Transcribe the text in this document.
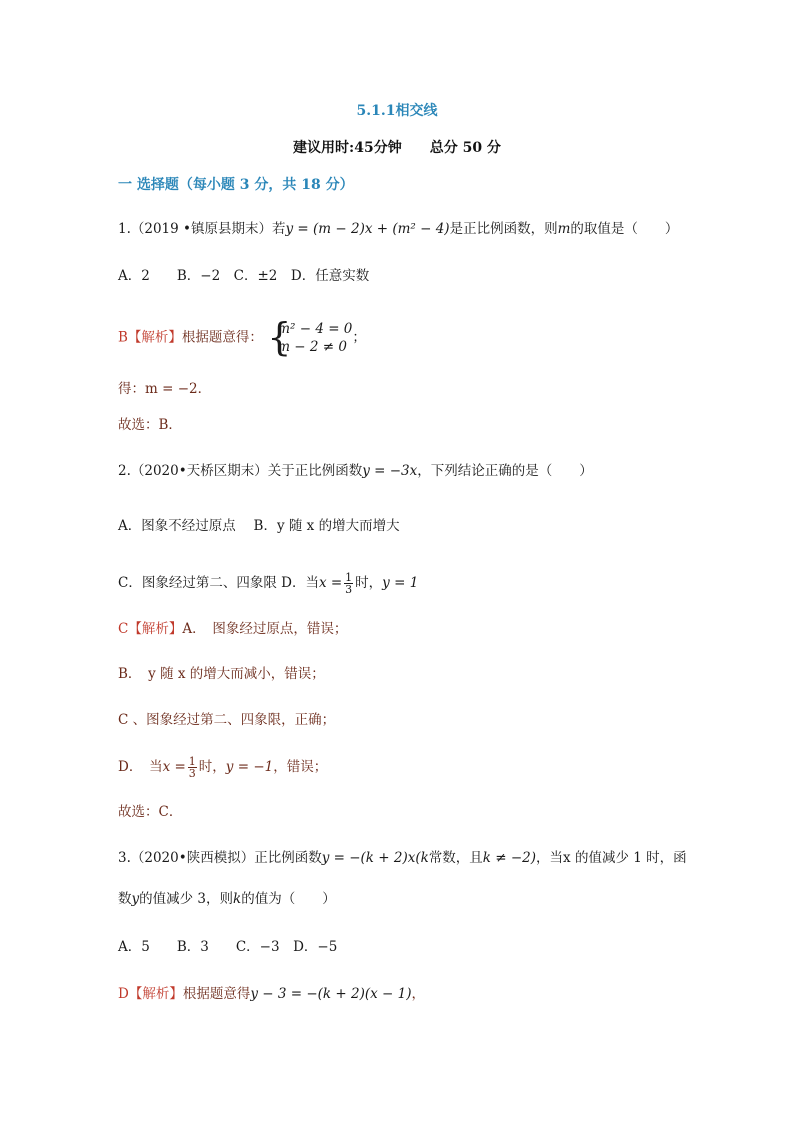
5.1.1相交线
建议用时:45分钟 总分 50 分
一 选择题（每小题 3 分，共 18 分）
1.（2019 •镇原县期末）若y = (m − 2)x + (m² − 4)是正比例函数，则m的取值是（　　）
A．2　　B．−2　C．±2　D．任意实数
B【解析】根据题意得： {
m² − 4 = 0
m − 2 ≠ 0
；
得：m = −2．
故选：B．
2.（2020•天桥区期末）关于正比例函数y = −3x，下列结论正确的是（　　）
A．图象不经过原点　 B．y 随 x 的增大而增大
C．图象经过第二、四象限 D．当$x = \frac{1}{3}$ 时，y = 1
C【解析】A．　图象经过原点，错误；
B．　y 随 x 的增大而减小，错误；
C 、图象经过第二、四象限，正确；
D．　当$x = \frac{1}{3}$ 时，y = −1，错误；
故选：C．
3.（2020•陕西模拟）正比例函数y = −(k + 2)x(k常数，且k ≠ −2)，当x 的值减少 1 时，函
数y的值减少 3，则k的值为（　　）
A．5　　B．3　　C．−3　D．−5
D【解析】根据题意得y − 3 = −(k + 2)(x − 1)，
